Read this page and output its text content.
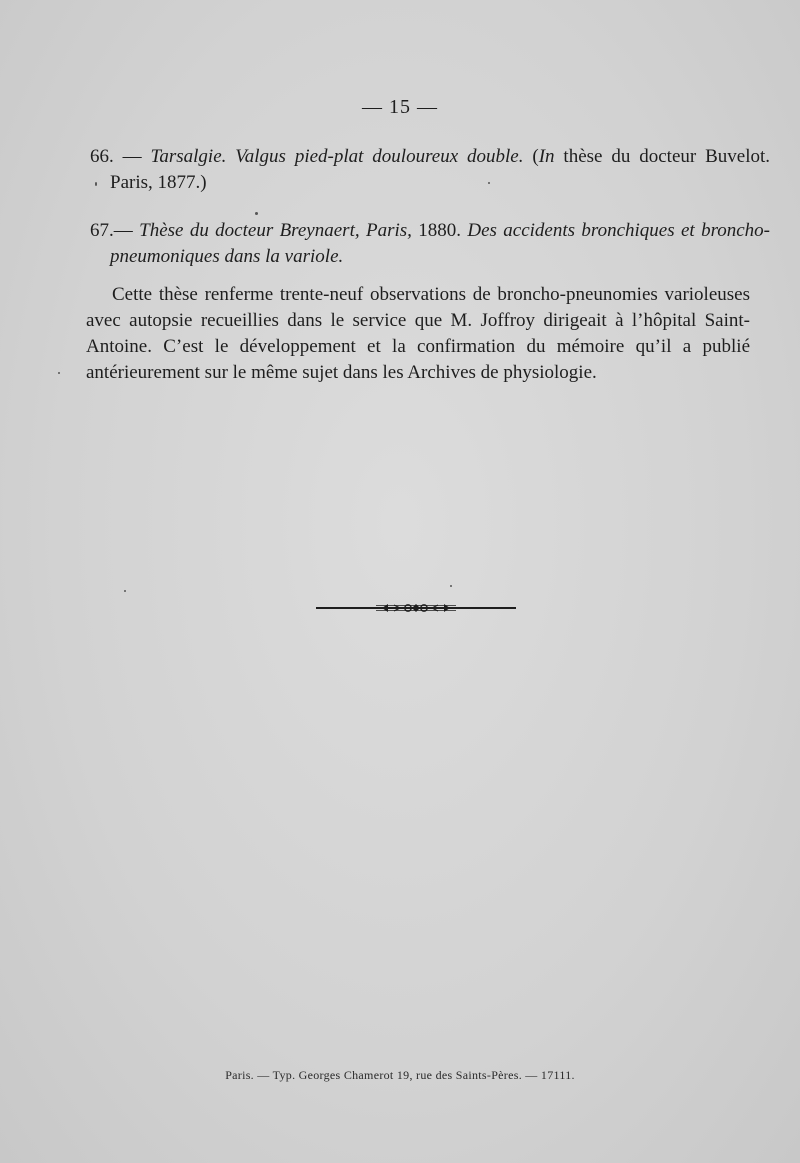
— 15 —
66. — Tarsalgie. Valgus pied-plat douloureux double. (In thèse du docteur Buvelot. Paris, 1877.)
67.— Thèse du docteur Breynaert, Paris, 1880. Des accidents bronchiques et broncho-pneumoniques dans la variole.
Cette thèse renferme trente-neuf observations de broncho-pneunomies varioleuses avec autopsie recueillies dans le service que M. Joffroy dirigeait à l’hôpital Saint-Antoine. C’est le développement et la confirmation du mémoire qu’il a publié antérieurement sur le même sujet dans les Archives de physiologie.
Paris. — Typ. Georges Chamerot 19, rue des Saints-Pères. — 17111.
